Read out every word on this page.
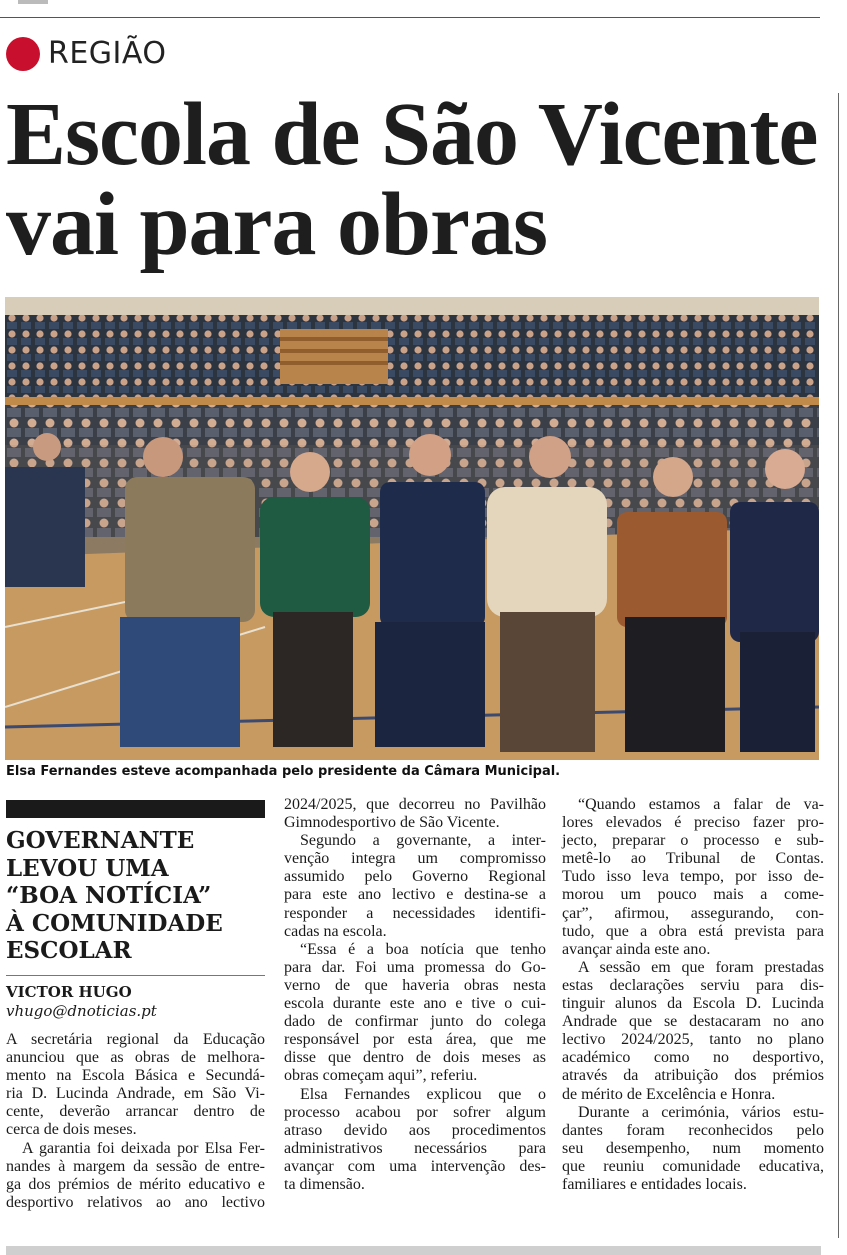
REGIÃO
Escola de São Vicente
vai para obras
Elsa Fernandes esteve acompanhada pelo presidente da Câmara Municipal.
GOVERNANTE
LEVOU UMA
“BOA NOTÍCIA”
À COMUNIDADE
ESCOLAR
VICTOR HUGO
vhugo@dnoticias.pt
A secretária regional da Educação
anunciou que as obras de melhora-
mento na Escola Básica e Secundá-
ria D. Lucinda Andrade, em São Vi-
cente, deverão arrancar dentro de
cerca de dois meses.
A garantia foi deixada por Elsa Fer-
nandes à margem da sessão de entre-
ga dos prémios de mérito educativo e
desportivo relativos ao ano lectivo
2024/2025, que decorreu no Pavilhão
Gimnodesportivo de São Vicente.
Segundo a governante, a inter-
venção integra um compromisso
assumido pelo Governo Regional
para este ano lectivo e destina-se a
responder a necessidades identifi-
cadas na escola.
“Essa é a boa notícia que tenho
para dar. Foi uma promessa do Go-
verno de que haveria obras nesta
escola durante este ano e tive o cui-
dado de confirmar junto do colega
responsável por esta área, que me
disse que dentro de dois meses as
obras começam aqui”, referiu.
Elsa Fernandes explicou que o
processo acabou por sofrer algum
atraso devido aos procedimentos
administrativos necessários para
avançar com uma intervenção des-
ta dimensão.
“Quando estamos a falar de va-
lores elevados é preciso fazer pro-
jecto, preparar o processo e sub-
metê-lo ao Tribunal de Contas.
Tudo isso leva tempo, por isso de-
morou um pouco mais a come-
çar”, afirmou, assegurando, con-
tudo, que a obra está prevista para
avançar ainda este ano.
A sessão em que foram prestadas
estas declarações serviu para dis-
tinguir alunos da Escola D. Lucinda
Andrade que se destacaram no ano
lectivo 2024/2025, tanto no plano
académico como no desportivo,
através da atribuição dos prémios
de mérito de Excelência e Honra.
Durante a cerimónia, vários estu-
dantes foram reconhecidos pelo
seu desempenho, num momento
que reuniu comunidade educativa,
familiares e entidades locais.
